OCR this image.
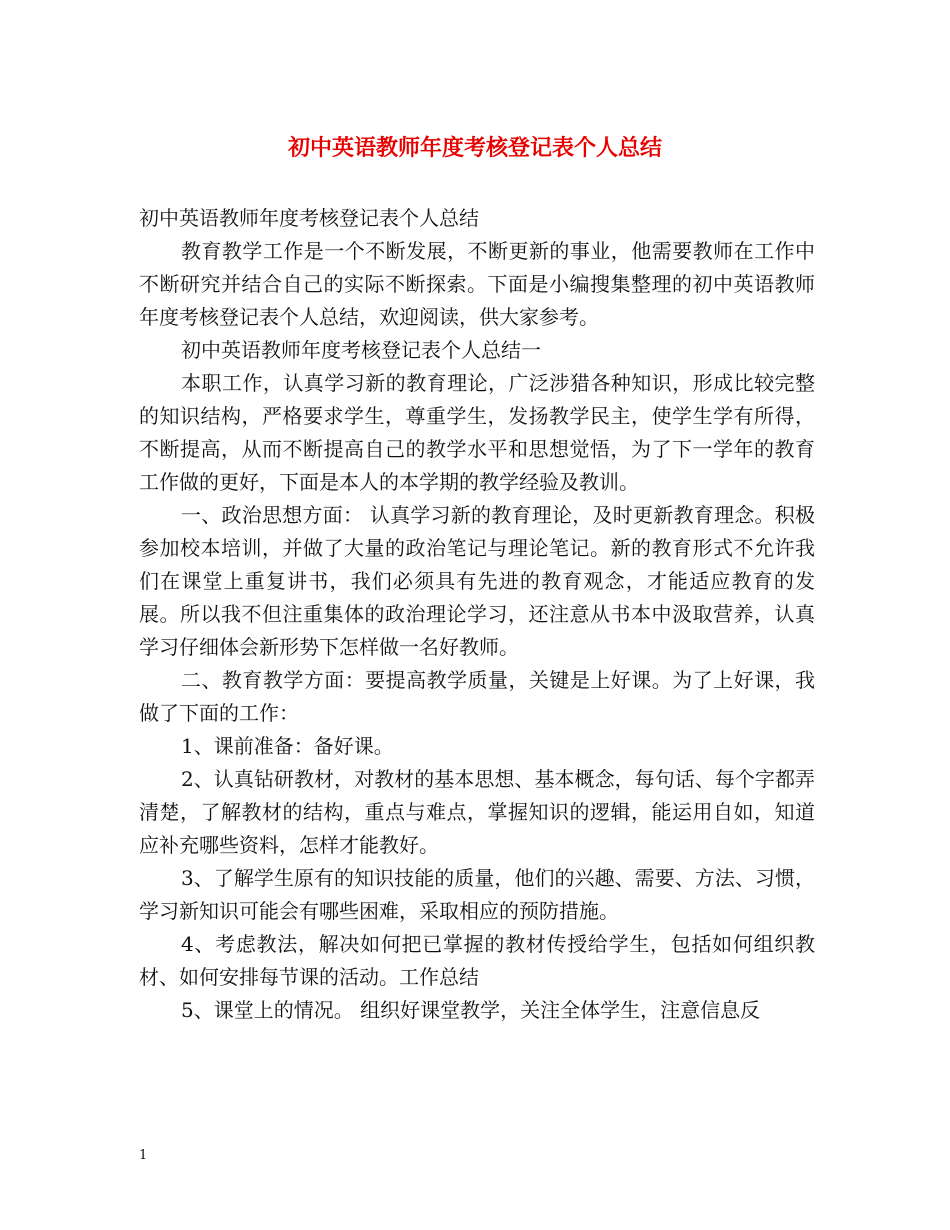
初中英语教师年度考核登记表个人总结

初中英语教师年度考核登记表个人总结

教育教学工作是一个不断发展，不断更新的事业，他需要教师在工作中不断研究并结合自己的实际不断探索。下面是小编搜集整理的初中英语教师年度考核登记表个人总结，欢迎阅读，供大家参考。

初中英语教师年度考核登记表个人总结一

本职工作，认真学习新的教育理论，广泛涉猎各种知识，形成比较完整的知识结构，严格要求学生，尊重学生，发扬教学民主，使学生学有所得，不断提高，从而不断提高自己的教学水平和思想觉悟，为了下一学年的教育工作做的更好，下面是本人的本学期的教学经验及教训。

一、政治思想方面： 认真学习新的教育理论，及时更新教育理念。积极参加校本培训，并做了大量的政治笔记与理论笔记。新的教育形式不允许我们在课堂上重复讲书，我们必须具有先进的教育观念，才能适应教育的发展。所以我不但注重集体的政治理论学习，还注意从书本中汲取营养，认真学习仔细体会新形势下怎样做一名好教师。

二、教育教学方面：要提高教学质量，关键是上好课。为了上好课，我做了下面的工作：

1、课前准备：备好课。

2、认真钻研教材，对教材的基本思想、基本概念，每句话、每个字都弄清楚，了解教材的结构，重点与难点，掌握知识的逻辑，能运用自如，知道应补充哪些资料，怎样才能教好。

3、了解学生原有的知识技能的质量，他们的兴趣、需要、方法、习惯，学习新知识可能会有哪些困难，采取相应的预防措施。

4、考虑教法，解决如何把已掌握的教材传授给学生，包括如何组织教材、如何安排每节课的活动。工作总结

5、课堂上的情况。 组织好课堂教学，关注全体学生，注意信息反

1
